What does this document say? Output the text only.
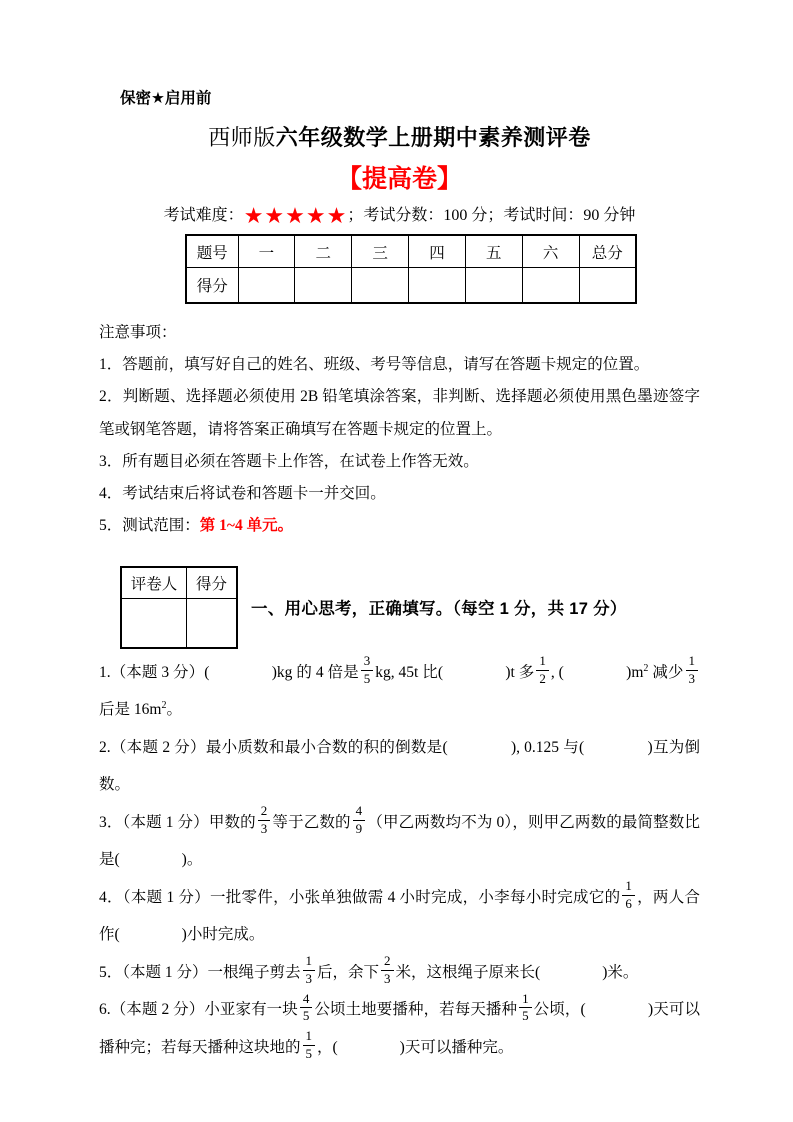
保密★启用前
西师版六年级数学上册期中素养测评卷
【提高卷】
考试难度：★★★★★；考试分数：100 分；考试时间：90 分钟
题号	一	二	三	四	五	六	总分
得分							

注意事项：

1．答题前，填写好自己的姓名、班级、考号等信息，请写在答题卡规定的位置。

2．判断题、选择题必须使用 2B 铅笔填涂答案，非判断、选择题必须使用黑色墨迹签字笔或钢笔答题，请将答案正确填写在答题卡规定的位置上。

3．所有题目必须在答题卡上作答，在试卷上作答无效。

4．考试结束后将试卷和答题卡一并交回。

5．测试范围：第 1~4 单元。

评卷人	得分

一、用心思考，正确填写。（每空 1 分，共 17 分）

1.（本题 3 分）(　　　　)kg 的 4 倍是 $\frac{3}{5}$ kg, 45t 比(　　　　)t 多 $\frac{1}{2}$ , (　　　　)$m^2$ 减少 $\frac{1}{3}$
后是 $16m^2$。

2.（本题 2 分）最小质数和最小合数的积的倒数是(　　　　), 0.125 与(　　　　)互为倒数。

3．（本题 1 分）甲数的 $\frac{2}{3}$ 等于乙数的 $\frac{4}{9}$ （甲乙两数均不为 0），则甲乙两数的最简整数比是(　　　　)。

4．（本题 1 分）一批零件，小张单独做需 4 小时完成，小李每小时完成它的 $\frac{1}{6}$ ，两人合作(　　　　)小时完成。

5．（本题 1 分）一根绳子剪去 $\frac{1}{3}$ 后，余下 $\frac{2}{3}$ 米，这根绳子原来长(　　　　)米。

6.（本题 2 分）小亚家有一块 $\frac{4}{5}$ 公顷土地要播种，若每天播种 $\frac{1}{5}$ 公顷，(　　　　)天可以播种完；若每天播种这块地的 $\frac{1}{5}$ ，(　　　　)天可以播种完。
